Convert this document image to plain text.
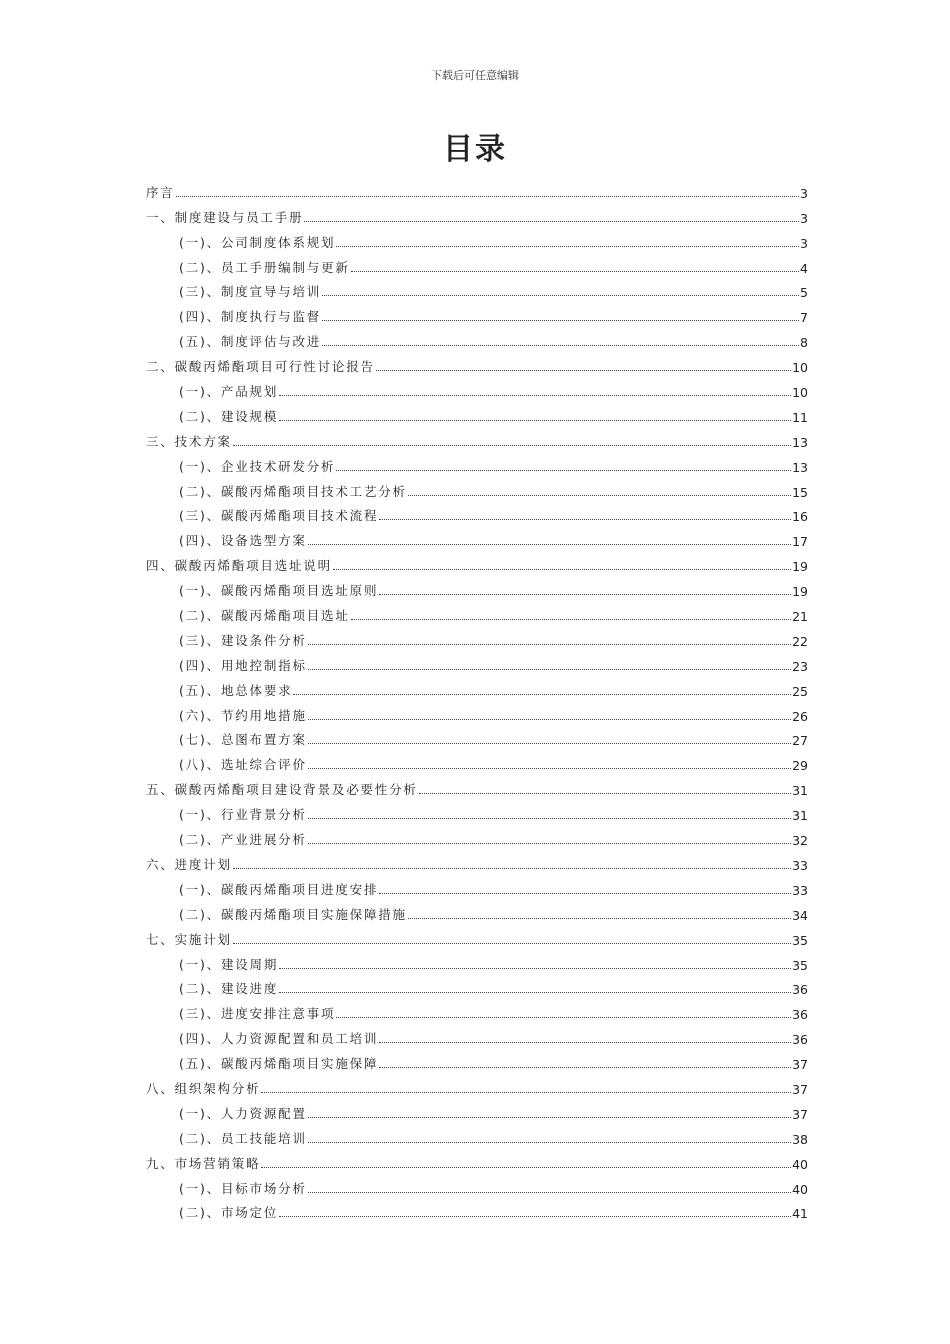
下载后可任意编辑
目录
序言	3
一、制度建设与员工手册	3
(一)、公司制度体系规划	3
(二)、员工手册编制与更新	4
(三)、制度宣导与培训	5
(四)、制度执行与监督	7
(五)、制度评估与改进	8
二、碳酸丙烯酯项目可行性讨论报告	10
(一)、产品规划	10
(二)、建设规模	11
三、技术方案	13
(一)、企业技术研发分析	13
(二)、碳酸丙烯酯项目技术工艺分析	15
(三)、碳酸丙烯酯项目技术流程	16
(四)、设备选型方案	17
四、碳酸丙烯酯项目选址说明	19
(一)、碳酸丙烯酯项目选址原则	19
(二)、碳酸丙烯酯项目选址	21
(三)、建设条件分析	22
(四)、用地控制指标	23
(五)、地总体要求	25
(六)、节约用地措施	26
(七)、总图布置方案	27
(八)、选址综合评价	29
五、碳酸丙烯酯项目建设背景及必要性分析	31
(一)、行业背景分析	31
(二)、产业进展分析	32
六、进度计划	33
(一)、碳酸丙烯酯项目进度安排	33
(二)、碳酸丙烯酯项目实施保障措施	34
七、实施计划	35
(一)、建设周期	35
(二)、建设进度	36
(三)、进度安排注意事项	36
(四)、人力资源配置和员工培训	36
(五)、碳酸丙烯酯项目实施保障	37
八、组织架构分析	37
(一)、人力资源配置	37
(二)、员工技能培训	38
九、市场营销策略	40
(一)、目标市场分析	40
(二)、市场定位	41
